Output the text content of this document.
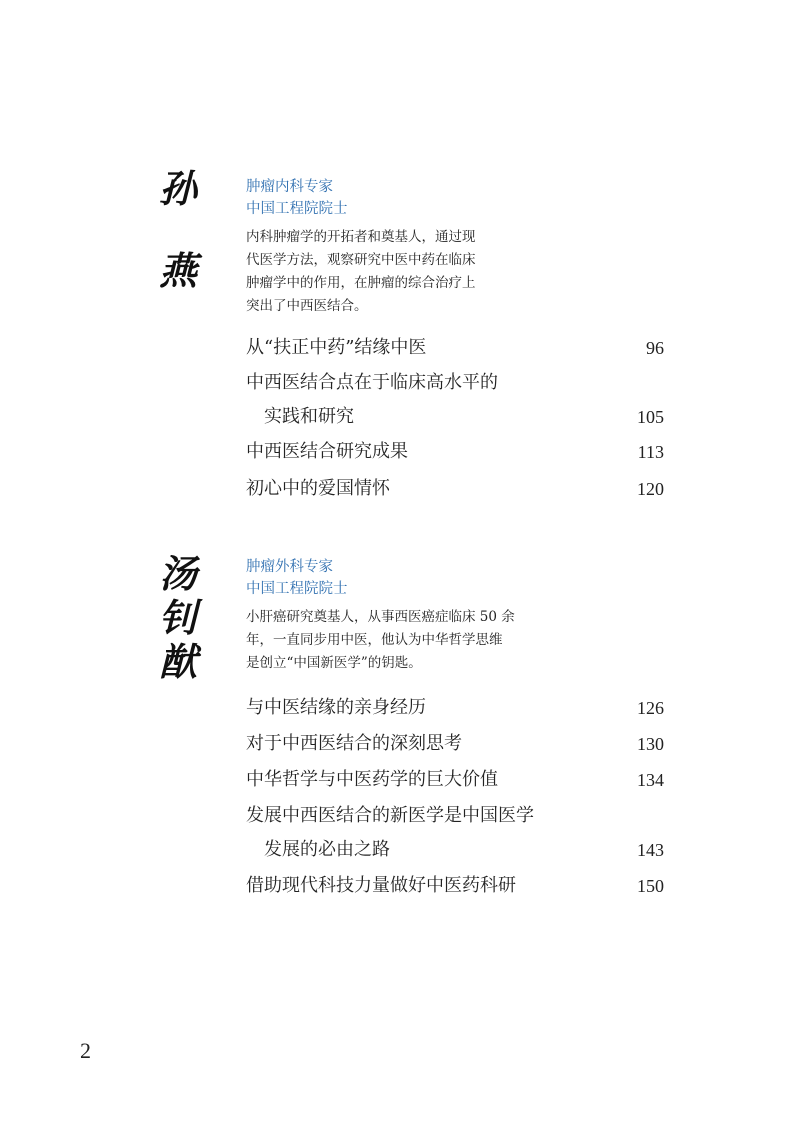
孙
燕
肿瘤内科专家
中国工程院院士
内科肿瘤学的开拓者和奠基人，通过现
代医学方法，观察研究中医中药在临床
肿瘤学中的作用，在肿瘤的综合治疗上
突出了中西医结合。
从“扶正中药”结缘中医	96
中西医结合点在于临床高水平的
实践和研究	105
中西医结合研究成果	113
初心中的爱国情怀	120
汤
钊
猷
肿瘤外科专家
中国工程院院士
小肝癌研究奠基人，从事西医癌症临床 50 余
年，一直同步用中医，他认为中华哲学思维
是创立“中国新医学”的钥匙。
与中医结缘的亲身经历	126
对于中西医结合的深刻思考	130
中华哲学与中医药学的巨大价值	134
发展中西医结合的新医学是中国医学
发展的必由之路	143
借助现代科技力量做好中医药科研	150
2
